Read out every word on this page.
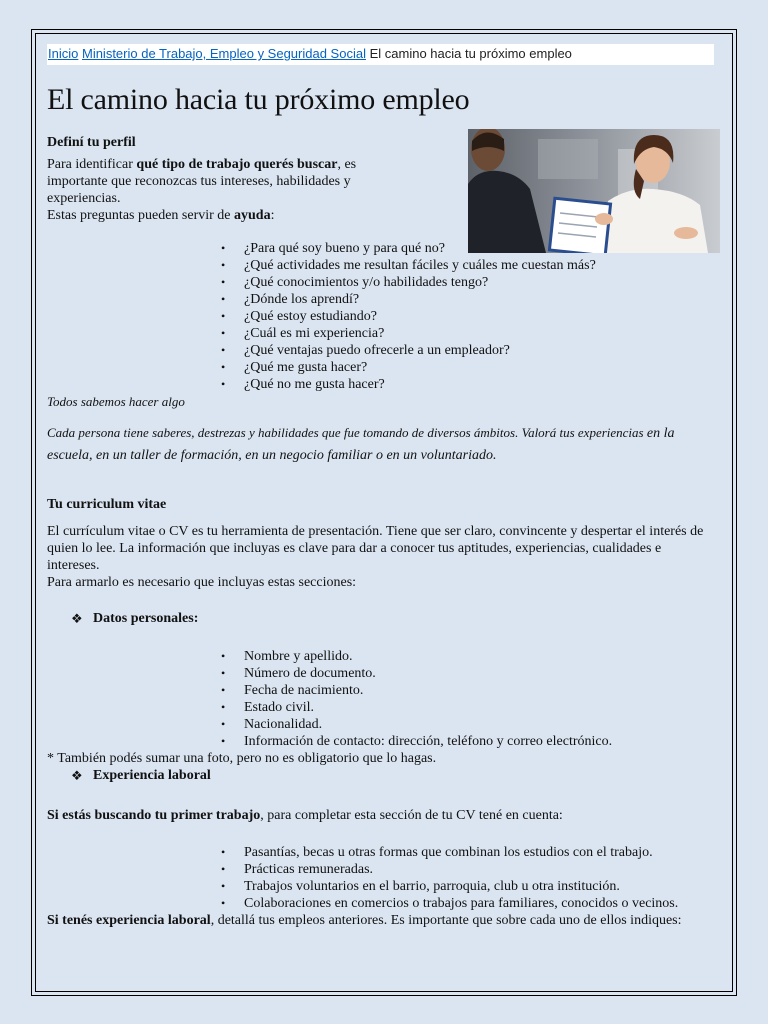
Inicio Ministerio de Trabajo, Empleo y Seguridad Social El camino hacia tu próximo empleo
El camino hacia tu próximo empleo
Definí tu perfil

Para identificar qué tipo de trabajo querés buscar, es importante que reconozcas tus intereses, habilidades y experiencias.

Estas preguntas pueden servir de ayuda:

• ¿Para qué soy bueno y para qué no?
• ¿Qué actividades me resultan fáciles y cuáles me cuestan más?
• ¿Qué conocimientos y/o habilidades tengo?
• ¿Dónde los aprendí?
• ¿Qué estoy estudiando?
• ¿Cuál es mi experiencia?
• ¿Qué ventajas puedo ofrecerle a un empleador?
• ¿Qué me gusta hacer?
• ¿Qué no me gusta hacer?
Todos sabemos hacer algo

Cada persona tiene saberes, destrezas y habilidades que fue tomando de diversos ámbitos. Valorá tus experiencias en la escuela, en un taller de formación, en un negocio familiar o en un voluntariado.

Tu curriculum vitae

El currículum vitae o CV es tu herramienta de presentación. Tiene que ser claro, convincente y despertar el interés de quien lo lee. La información que incluyas es clave para dar a conocer tus aptitudes, experiencias, cualidades e intereses.

Para armarlo es necesario que incluyas estas secciones:

❖ Datos personales:
• Nombre y apellido.
• Número de documento.
• Fecha de nacimiento.
• Estado civil.
• Nacionalidad.
• Información de contacto: dirección, teléfono y correo electrónico.

* También podés sumar una foto, pero no es obligatorio que lo hagas.

❖ Experiencia laboral

Si estás buscando tu primer trabajo, para completar esta sección de tu CV tené en cuenta:

• Pasantías, becas u otras formas que combinan los estudios con el trabajo.
• Prácticas remuneradas.
• Trabajos voluntarios en el barrio, parroquia, club u otra institución.
• Colaboraciones en comercios o trabajos para familiares, conocidos o vecinos.

Si tenés experiencia laboral, detallá tus empleos anteriores. Es importante que sobre cada uno de ellos indiques:
